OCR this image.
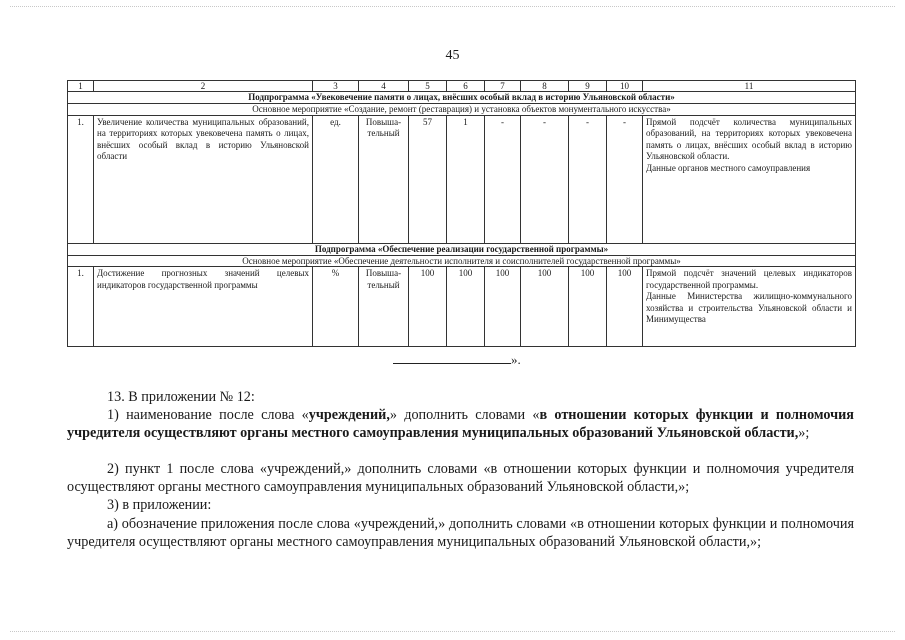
45
1	2	3	4	5	6	7	8	9	10	11
Подпрограмма «Увековечение памяти о лицах, внёсших особый вклад в историю Ульяновской области»										
Основное мероприятие «Создание, ремонт (реставрация) и установка объектов монументального искусства»										
1.	Увеличение количества муниципальных образований, на территориях которых увековечена память о лицах, внёсших особый вклад в историю Ульяновской области	ед.	Повыша-тельный	57	1	-	-	-	-	Прямой подсчёт количества муниципальных образований, на территориях которых увековечена память о лицах, внёсших особый вклад в историю Ульяновской области.
Данные органов местного самоуправления

Подпрограмма «Обеспечение реализации государственной программы»										
Основное мероприятие «Обеспечение деятельности исполнителя и соисполнителей государственной программы»										
1.	Достижение прогнозных значений целевых индикаторов государственной программы	%	Повыша-тельный	100	100	100	100	100	100	Прямой подсчёт значений целевых индикаторов государственной программы.
Данные Министерства жилищно-коммунального хозяйства и строительства Ульяновской области и Минимущества
».

13. В приложении № 12:

1) наименование после слова «учреждений,» дополнить словами «в отношении которых функции и полномочия учредителя осуществляют органы местного самоуправления муниципальных образований Ульяновской области,»;

2) пункт 1 после слова «учреждений,» дополнить словами «в отношении которых функции и полномочия учредителя осуществляют органы местного самоуправления муниципальных образований Ульяновской области,»;

3) в приложении:

а) обозначение приложения после слова «учреждений,» дополнить словами «в отношении которых функции и полномочия учредителя осуществляют органы местного самоуправления муниципальных образований Ульяновской области,»;
